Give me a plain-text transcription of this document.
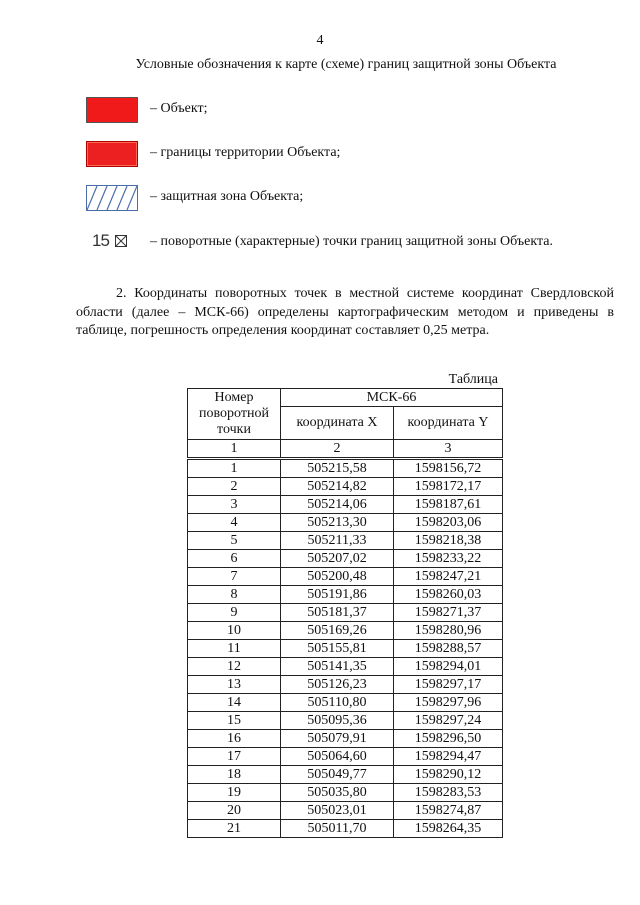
4
Условные обозначения к карте (схеме) границ защитной зоны Объекта
– Объект;
– границы территории Объекта;
– защитная зона Объекта;
15	– поворотные (характерные) точки границ защитной зоны Объекта.
2. Координаты поворотных точек в местной системе координат Свердловской области (далее – МСК-66) определены картографическим методом и приведены в таблице, погрешность определения координат составляет 0,25 метра.
Таблица
Номер поворотной точки	МСК-66	
	координата X	координата Y
1	2	3
1	505215,58	1598156,72
2	505214,82	1598172,17
3	505214,06	1598187,61
4	505213,30	1598203,06
5	505211,33	1598218,38
6	505207,02	1598233,22
7	505200,48	1598247,21
8	505191,86	1598260,03
9	505181,37	1598271,37
10	505169,26	1598280,96
11	505155,81	1598288,57
12	505141,35	1598294,01
13	505126,23	1598297,17
14	505110,80	1598297,96
15	505095,36	1598297,24
16	505079,91	1598296,50
17	505064,60	1598294,47
18	505049,77	1598290,12
19	505035,80	1598283,53
20	505023,01	1598274,87
21	505011,70	1598264,35
